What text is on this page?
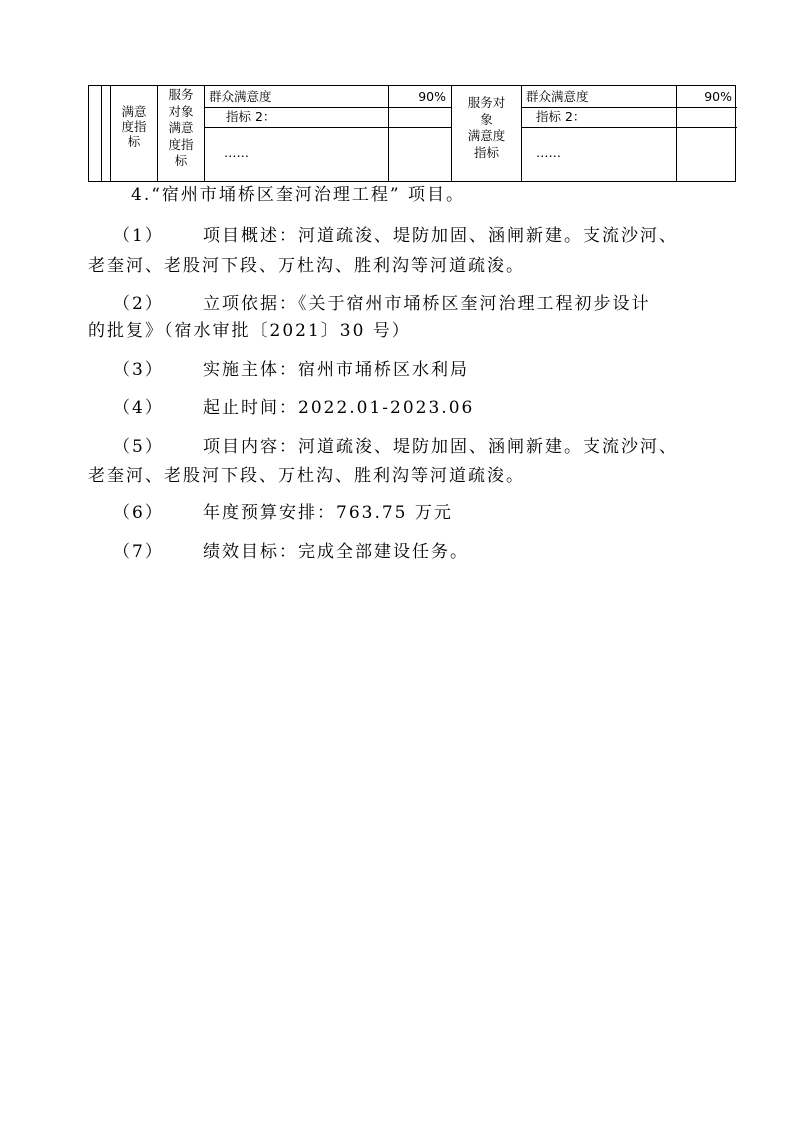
满意
度指
标
服务
对象
满意
度指
标
群众满意度	90%
指标 2：
……
服务对
象
满意度
指标
群众满意度	90%
指标 2：
……
4.“宿州市埇桥区奎河治理工程” 项目。
（1） 项目概述：河道疏浚、堤防加固、涵闸新建。支流沙河、
老奎河、老股河下段、万杜沟、胜利沟等河道疏浚。
（2） 立项依据：《关于宿州市埇桥区奎河治理工程初步设计
的批复》（宿水审批〔2021〕30 号）
（3） 实施主体：宿州市埇桥区水利局
（4） 起止时间：2022.01-2023.06
（5） 项目内容：河道疏浚、堤防加固、涵闸新建。支流沙河、
老奎河、老股河下段、万杜沟、胜利沟等河道疏浚。
（6） 年度预算安排：763.75 万元
（7） 绩效目标：完成全部建设任务。
